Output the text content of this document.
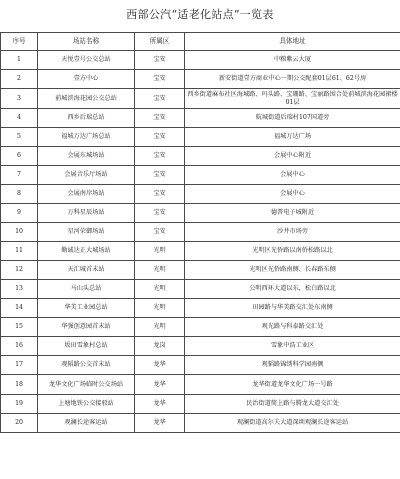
西部公汽“适老化站点”一览表
序号	场站名称	所属区	具体地址
1	天悦壹号公交总站	宝安	中粮紫云大厦
2	壹方中心	宝安	新安街道壹方商业中心一期公交配套01层61、62号房
3	前城滨海花园公交总站	宝安	西乡街道麻布社区海城路、玛头路、宝珊路、宝丽路围合处前城滨海花园裙楼01层
4	西乡后瑞总站	宝安	航城街道后瑞村107国道旁
5	福城万达广场总站	宝安	福城万达广场
6	会展东城场站	宝安	会展中心附近
7	会展音乐厅场站	宝安	会展中心
8	会展南岸场站	宝安	会展中心
9	万科星辰场站	宝安	德普电子城附近
10	星河荣御场站	宝安	沙井市场旁
11	勤诚达正大城场站	光明	光明区光侨路以南侨松路以北
12	天汇城首末站	光明	光明区光侨路南侧、长春路东侧
13	马山头总站	光明	公明西环大道以东，松白路以北
14	华美工业园总站	光明	田园路与华美路交汇处东南侧
15	华强创意园首末站	光明	观光路与科泰路交汇处
16	坂田雪象村总站	龙岗	雪象中浩工业区
17	观韬路公交首末站	龙华	观韬路锦绣科学园南侧
18	龙华文化广场临时公交场站	龙华	龙华街道龙华文化广场一号路
19	上塘地铁公交接驳站	龙华	民治街道简上路与腾龙大道交汇处
20	观澜长途客运站	龙华	观澜街道高尔夫大道深圳观澜长途客运站
